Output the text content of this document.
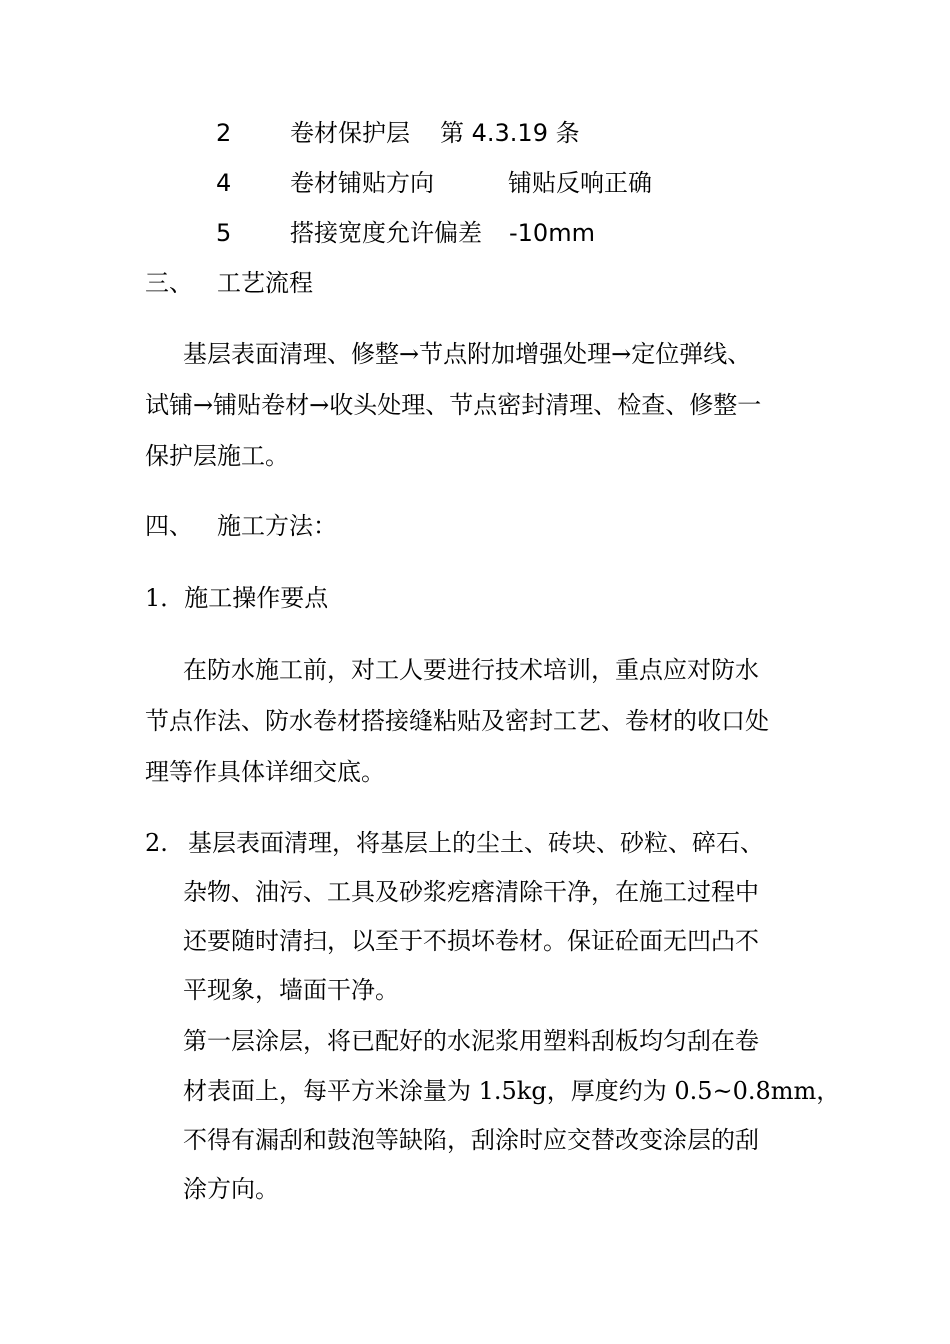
2 卷材保护层 第 4.3.19 条
4 卷材铺贴方向	铺贴反响正确
5 搭接宽度允许偏差 -10mm
三、 工艺流程
基层表面清理、修整→节点附加增强处理→定位弹线、
试铺→铺贴卷材→收头处理、节点密封清理、检查、修整一
保护层施工。
四、 施工方法：
1．施工操作要点
在防水施工前，对工人要进行技术培训，重点应对防水
节点作法、防水卷材搭接缝粘贴及密封工艺、卷材的收口处
理等作具体详细交底。
2. 基层表面清理，将基层上的尘土、砖块、砂粒、碎石、
杂物、油污、工具及砂浆疙瘩清除干净，在施工过程中
还要随时清扫，以至于不损坏卷材。保证砼面无凹凸不
平现象，墙面干净。
第一层涂层，将已配好的水泥浆用塑料刮板均匀刮在卷
材表面上，每平方米涂量为 1.5kg，厚度约为 0.5~0.8mm，
不得有漏刮和鼓泡等缺陷，刮涂时应交替改变涂层的刮
涂方向。
